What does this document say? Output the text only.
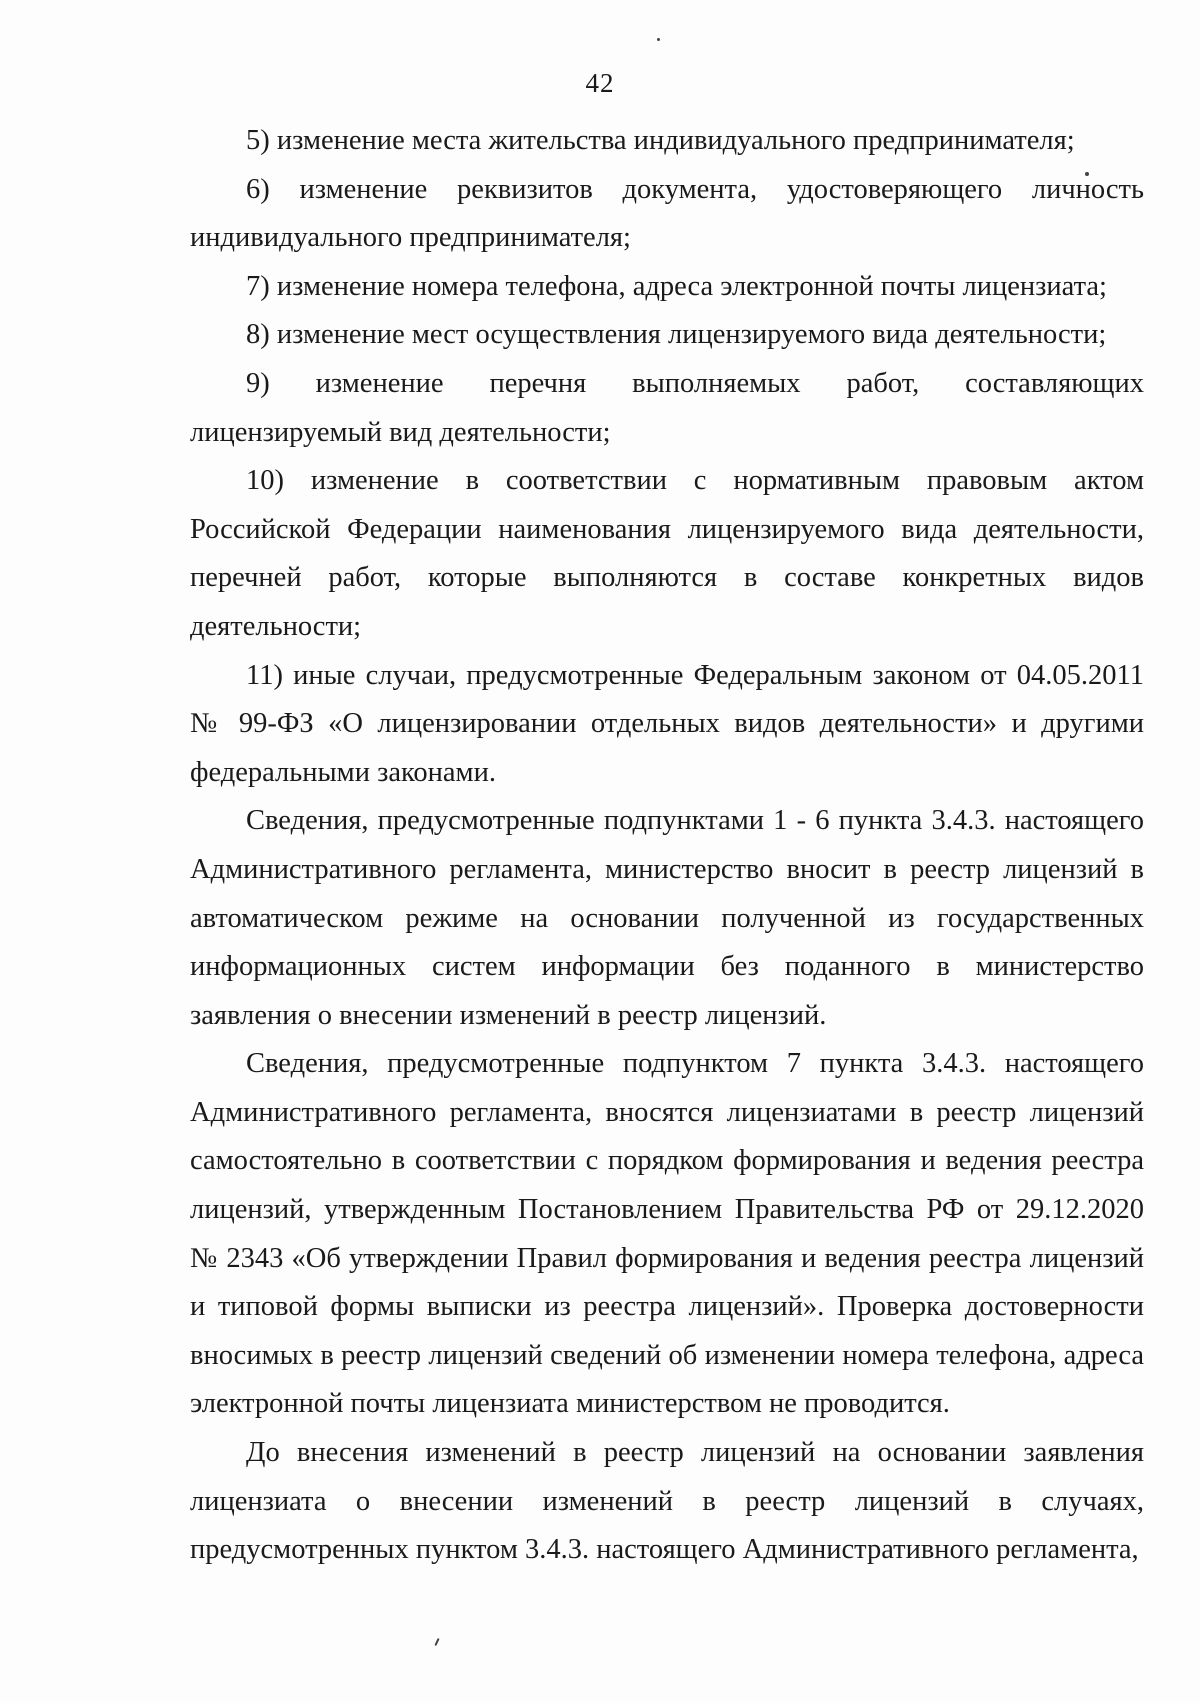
42

5) изменение места жительства индивидуального предпринимателя;

6) изменение реквизитов документа, удостоверяющего личность индивидуального предпринимателя;

7) изменение номера телефона, адреса электронной почты лицензиата;

8) изменение мест осуществления лицензируемого вида деятельности;

9) изменение перечня выполняемых работ, составляющих лицензируемый вид деятельности;

10) изменение в соответствии с нормативным правовым актом Российской Федерации наименования лицензируемого вида деятельности, перечней работ, которые выполняются в составе конкретных видов деятельности;

11) иные случаи, предусмотренные Федеральным законом от 04.05.2011 № 99-ФЗ «О лицензировании отдельных видов деятельности» и другими федеральными законами.

Сведения, предусмотренные подпунктами 1 - 6 пункта 3.4.3. настоящего Административного регламента, министерство вносит в реестр лицензий в автоматическом режиме на основании полученной из государственных информационных систем информации без поданного в министерство заявления о внесении изменений в реестр лицензий.

Сведения, предусмотренные подпунктом 7 пункта 3.4.3. настоящего Административного регламента, вносятся лицензиатами в реестр лицензий самостоятельно в соответствии с порядком формирования и ведения реестра лицензий, утвержденным Постановлением Правительства РФ от 29.12.2020 № 2343 «Об утверждении Правил формирования и ведения реестра лицензий и типовой формы выписки из реестра лицензий». Проверка достоверности вносимых в реестр лицензий сведений об изменении номера телефона, адреса электронной почты лицензиата министерством не проводится.

До внесения изменений в реестр лицензий на основании заявления лицензиата о внесении изменений в реестр лицензий в случаях, предусмотренных пунктом 3.4.3. настоящего Административного регламента,
